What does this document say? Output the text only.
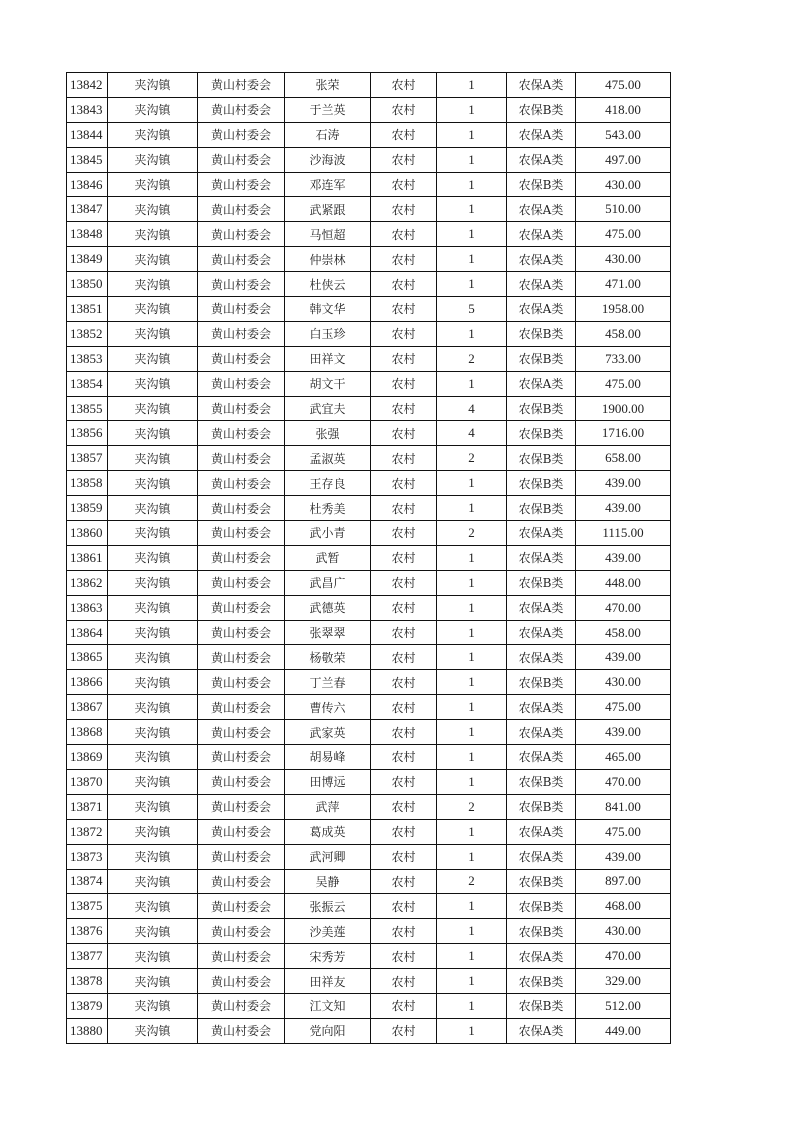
13842	夹沟镇	黄山村委会	张荣	农村	1	农保A类	475.00
13843	夹沟镇	黄山村委会	于兰英	农村	1	农保B类	418.00
13844	夹沟镇	黄山村委会	石涛	农村	1	农保A类	543.00
13845	夹沟镇	黄山村委会	沙海波	农村	1	农保A类	497.00
13846	夹沟镇	黄山村委会	邓连军	农村	1	农保B类	430.00
13847	夹沟镇	黄山村委会	武紧跟	农村	1	农保A类	510.00
13848	夹沟镇	黄山村委会	马恒超	农村	1	农保A类	475.00
13849	夹沟镇	黄山村委会	仲崇林	农村	1	农保A类	430.00
13850	夹沟镇	黄山村委会	杜侠云	农村	1	农保A类	471.00
13851	夹沟镇	黄山村委会	韩文华	农村	5	农保A类	1958.00
13852	夹沟镇	黄山村委会	白玉珍	农村	1	农保B类	458.00
13853	夹沟镇	黄山村委会	田祥文	农村	2	农保B类	733.00
13854	夹沟镇	黄山村委会	胡文干	农村	1	农保A类	475.00
13855	夹沟镇	黄山村委会	武宜夫	农村	4	农保B类	1900.00
13856	夹沟镇	黄山村委会	张强	农村	4	农保B类	1716.00
13857	夹沟镇	黄山村委会	孟淑英	农村	2	农保B类	658.00
13858	夹沟镇	黄山村委会	王存良	农村	1	农保B类	439.00
13859	夹沟镇	黄山村委会	杜秀美	农村	1	农保B类	439.00
13860	夹沟镇	黄山村委会	武小青	农村	2	农保A类	1115.00
13861	夹沟镇	黄山村委会	武暂	农村	1	农保A类	439.00
13862	夹沟镇	黄山村委会	武昌广	农村	1	农保B类	448.00
13863	夹沟镇	黄山村委会	武德英	农村	1	农保A类	470.00
13864	夹沟镇	黄山村委会	张翠翠	农村	1	农保A类	458.00
13865	夹沟镇	黄山村委会	杨敬荣	农村	1	农保A类	439.00
13866	夹沟镇	黄山村委会	丁兰春	农村	1	农保B类	430.00
13867	夹沟镇	黄山村委会	曹传六	农村	1	农保A类	475.00
13868	夹沟镇	黄山村委会	武家英	农村	1	农保A类	439.00
13869	夹沟镇	黄山村委会	胡易峰	农村	1	农保A类	465.00
13870	夹沟镇	黄山村委会	田博远	农村	1	农保B类	470.00
13871	夹沟镇	黄山村委会	武萍	农村	2	农保B类	841.00
13872	夹沟镇	黄山村委会	葛成英	农村	1	农保A类	475.00
13873	夹沟镇	黄山村委会	武河卿	农村	1	农保A类	439.00
13874	夹沟镇	黄山村委会	吴静	农村	2	农保B类	897.00
13875	夹沟镇	黄山村委会	张振云	农村	1	农保B类	468.00
13876	夹沟镇	黄山村委会	沙美莲	农村	1	农保B类	430.00
13877	夹沟镇	黄山村委会	宋秀芳	农村	1	农保A类	470.00
13878	夹沟镇	黄山村委会	田祥友	农村	1	农保B类	329.00
13879	夹沟镇	黄山村委会	江文知	农村	1	农保B类	512.00
13880	夹沟镇	黄山村委会	党向阳	农村	1	农保A类	449.00
